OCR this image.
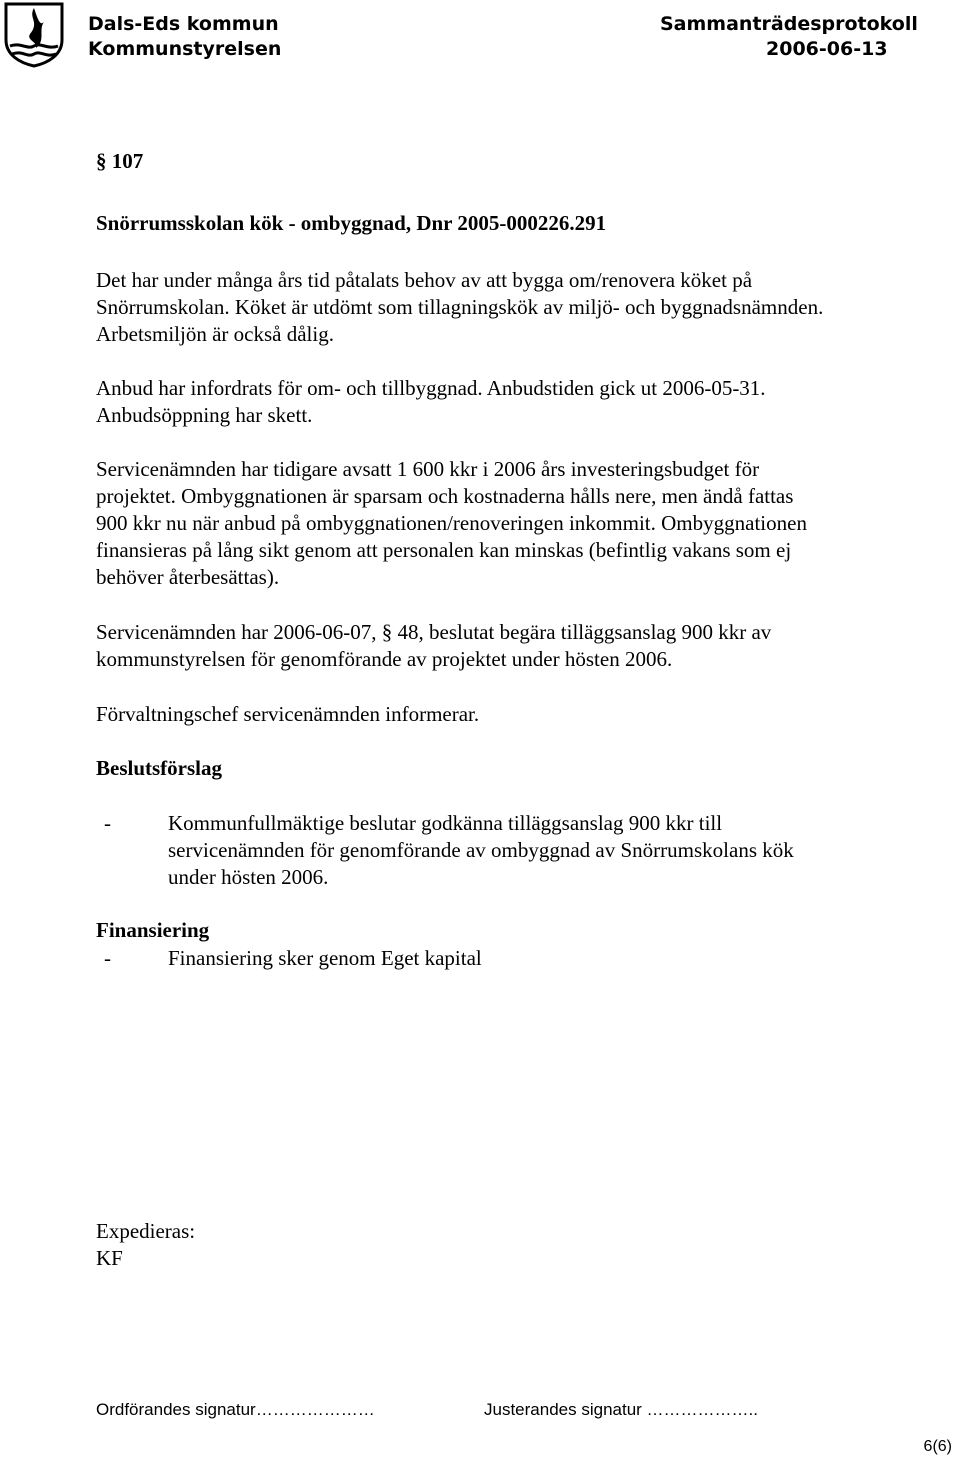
Dals-Eds kommun
Kommunstyrelsen
Sammanträdesprotokoll
2006-06-13
§ 107
Snörrumsskolan kök - ombyggnad, Dnr 2005-000226.291
Det har under många års tid påtalats behov av att bygga om/renovera köket på
Snörrumskolan. Köket är utdömt som tillagningskök av miljö- och byggnadsnämnden.
Arbetsmiljön är också dålig.
Anbud har infordrats för om- och tillbyggnad. Anbudstiden gick ut 2006-05-31.
Anbudsöppning har skett.
Servicenämnden har tidigare avsatt 1 600 kkr i 2006 års investeringsbudget för
projektet. Ombyggnationen är sparsam och kostnaderna hålls nere, men ändå fattas
900 kkr nu när anbud på ombyggnationen/renoveringen inkommit. Ombyggnationen
finansieras på lång sikt genom att personalen kan minskas (befintlig vakans som ej
behöver återbesättas).
Servicenämnden har 2006-06-07, § 48, beslutat begära tilläggsanslag 900 kkr av
kommunstyrelsen för genomförande av projektet under hösten 2006.
Förvaltningschef servicenämnden informerar.
Beslutsförslag
-	Kommunfullmäktige beslutar godkänna tilläggsanslag 900 kkr till
servicenämnden för genomförande av ombyggnad av Snörrumskolans kök
under hösten 2006.
Finansiering
-	Finansiering sker genom Eget kapital
Expedieras:
KF
Ordförandes signatur…………………	Justerandes signatur ………………..
6(6)
